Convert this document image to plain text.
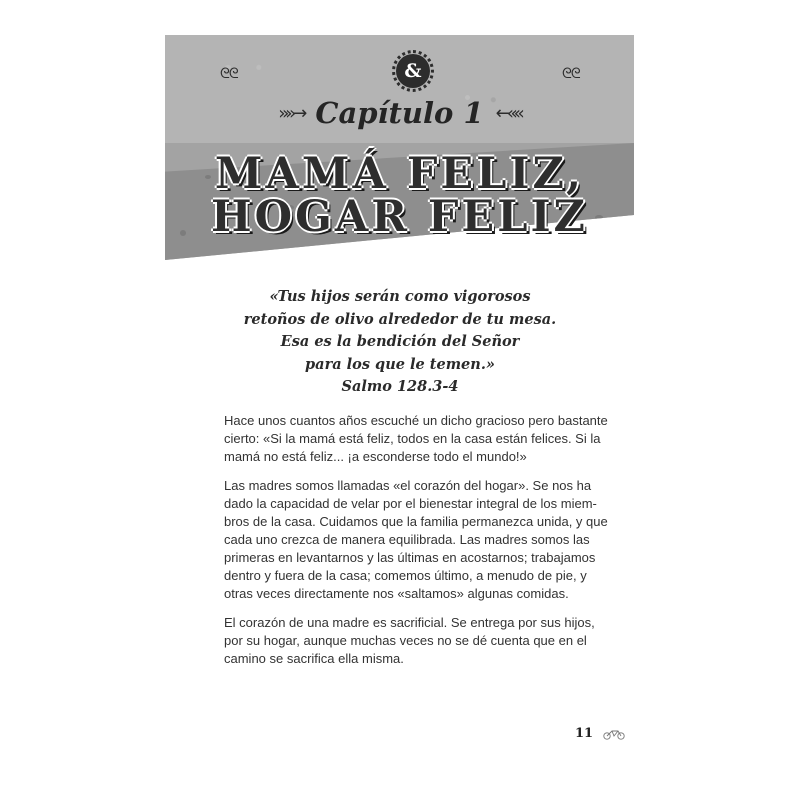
ᘓᘓ	ᘓᘓ
&
»»→ Capítulo 1 ←««
MAMÁ FELIZ,
HOGAR FELIZ
«Tus hijos serán como vigorosos
retoños de olivo alrededor de tu mesa.
Esa es la bendición del Señor
para los que le temen.»
Salmo 128.3-4
Hace unos cuantos años escuché un dicho gracioso pero bastante
cierto: «Si la mamá está feliz, todos en la casa están felices. Si la
mamá no está feliz... ¡a esconderse todo el mundo!»
Las madres somos llamadas «el corazón del hogar». Se nos ha
dado la capacidad de velar por el bienestar integral de los miem-
bros de la casa. Cuidamos que la familia permanezca unida, y que
cada uno crezca de manera equilibrada. Las madres somos las
primeras en levantarnos y las últimas en acostarnos; trabajamos
dentro y fuera de la casa; comemos último, a menudo de pie, y
otras veces directamente nos «saltamos» algunas comidas.
El corazón de una madre es sacrificial. Se entrega por sus hijos,
por su hogar, aunque muchas veces no se dé cuenta que en el
camino se sacrifica ella misma.
11
